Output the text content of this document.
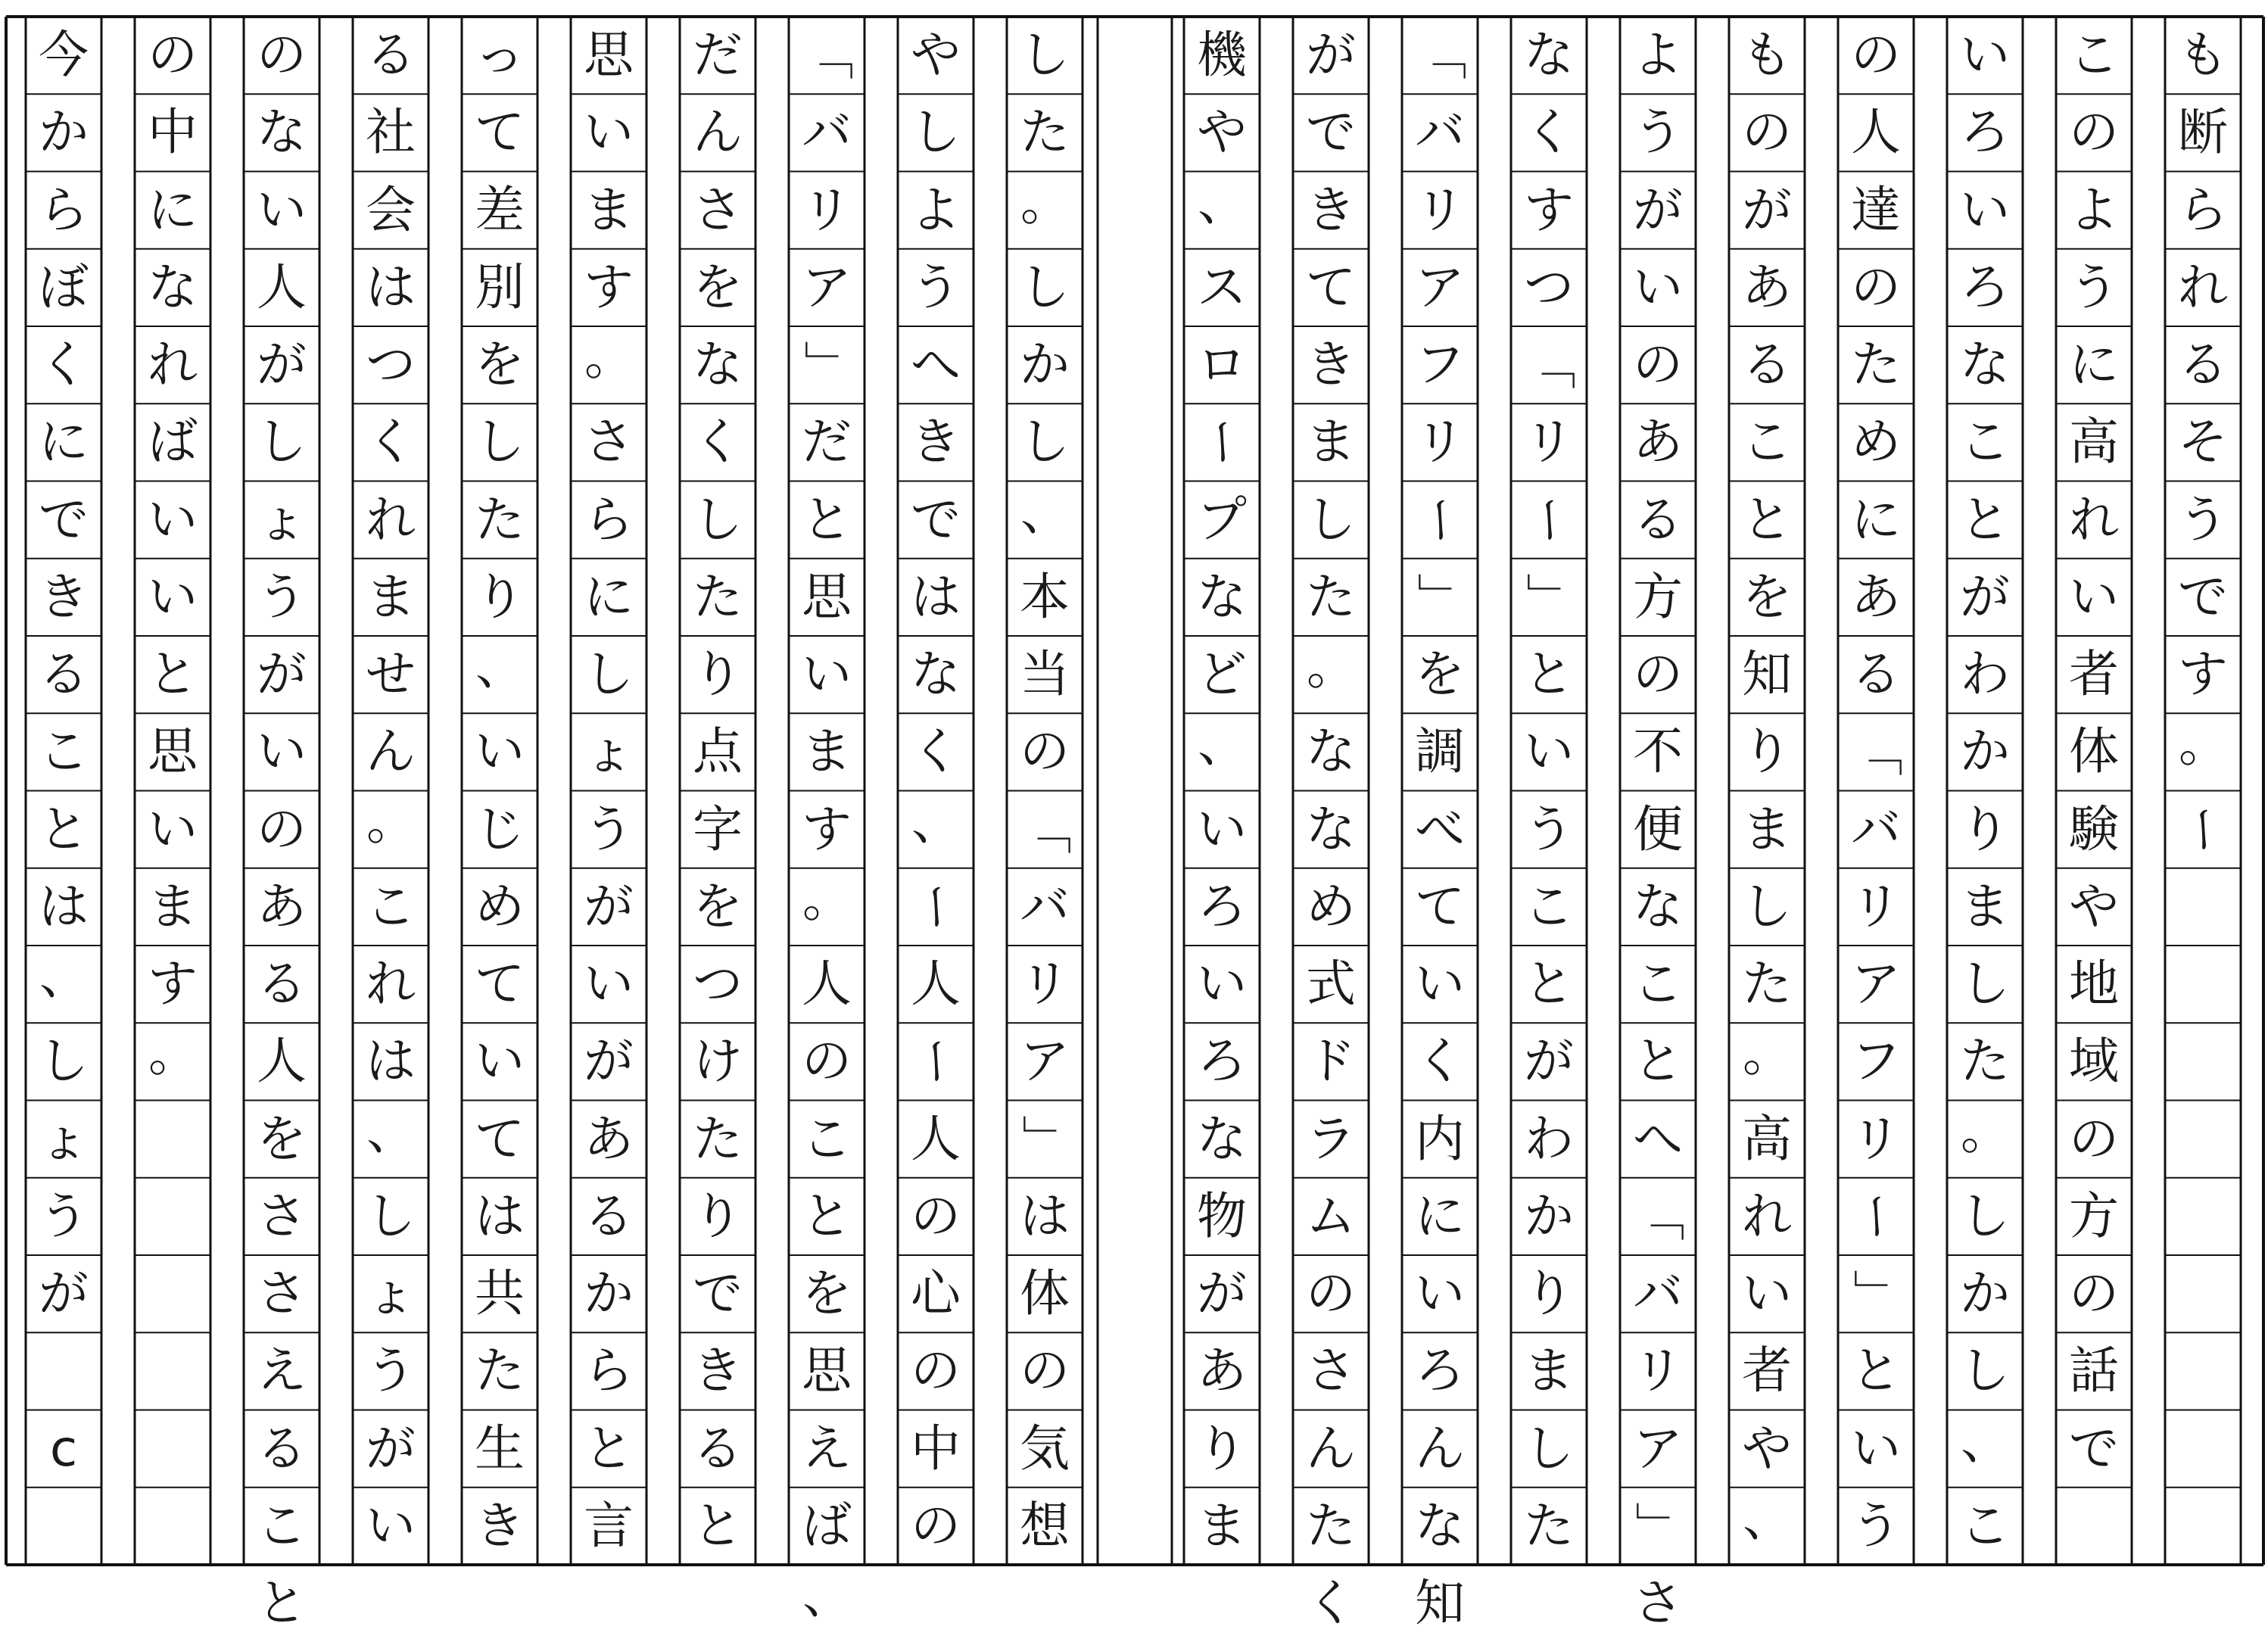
も
断
ら
れ
る
そ
う
で
す
。
ー
こ
の
よ
う
に
高
れ
い
者
体
験
や
地
域
の
方
の
話
で
い
ろ
い
ろ
な
こ
と
が
わ
か
り
ま
し
た
。
し
か
し
、
こ
の
人
達
の
た
め
に
あ
る
「
バ
リ
ア
フ
リ
ー
」
と
い
う
も
の
が
あ
る
こ
と
を
知
り
ま
し
た
。
高
れ
い
者
や
、
よ
う
が
い
の
あ
る
方
の
不
便
な
こ
と
へ
「
バ
リ
ア
」
さ
な
く
す
つ
「
リ
ー
」
と
い
う
こ
と
が
わ
か
り
ま
し
た
「
バ
リ
ア
フ
リ
ー
」
を
調
べ
て
い
く
内
に
い
ろ
ん
な
知
が
で
き
て
き
ま
し
た
。
な
な
め
式
ド
ラ
ム
の
さ
ん
た
く
機
や
、
ス
ロ
ー
プ
な
ど
、
い
ろ
い
ろ
な
物
が
あ
り
ま
し
た
。
し
か
し
、
本
当
の
「
バ
リ
ア
」
は
体
の
気
想
や
し
よ
う
へ
き
で
は
な
く
、
ー
人
ー
人
の
心
の
中
の
「
バ
リ
ア
」
だ
と
思
い
ま
す
。
人
の
こ
と
を
思
え
ば
、
だ
ん
さ
を
な
く
し
た
り
点
字
を
つ
け
た
り
で
き
る
と
思
い
ま
す
。
さ
ら
に
し
ょ
う
が
い
が
あ
る
か
ら
と
言
っ
て
差
別
を
し
た
り
、
い
じ
め
て
い
て
は
共
た
生
き
る
社
会
は
つ
く
れ
ま
せ
ん
。
こ
れ
は
、
し
ょ
う
が
い
の
な
い
人
が
し
ょ
う
が
い
の
あ
る
人
を
さ
さ
え
る
こ
と
の
中
に
な
れ
ば
い
い
と
思
い
ま
す
。
今
か
ら
ぼ
く
に
で
き
る
こ
と
は
、
し
ょ
う
が
c
